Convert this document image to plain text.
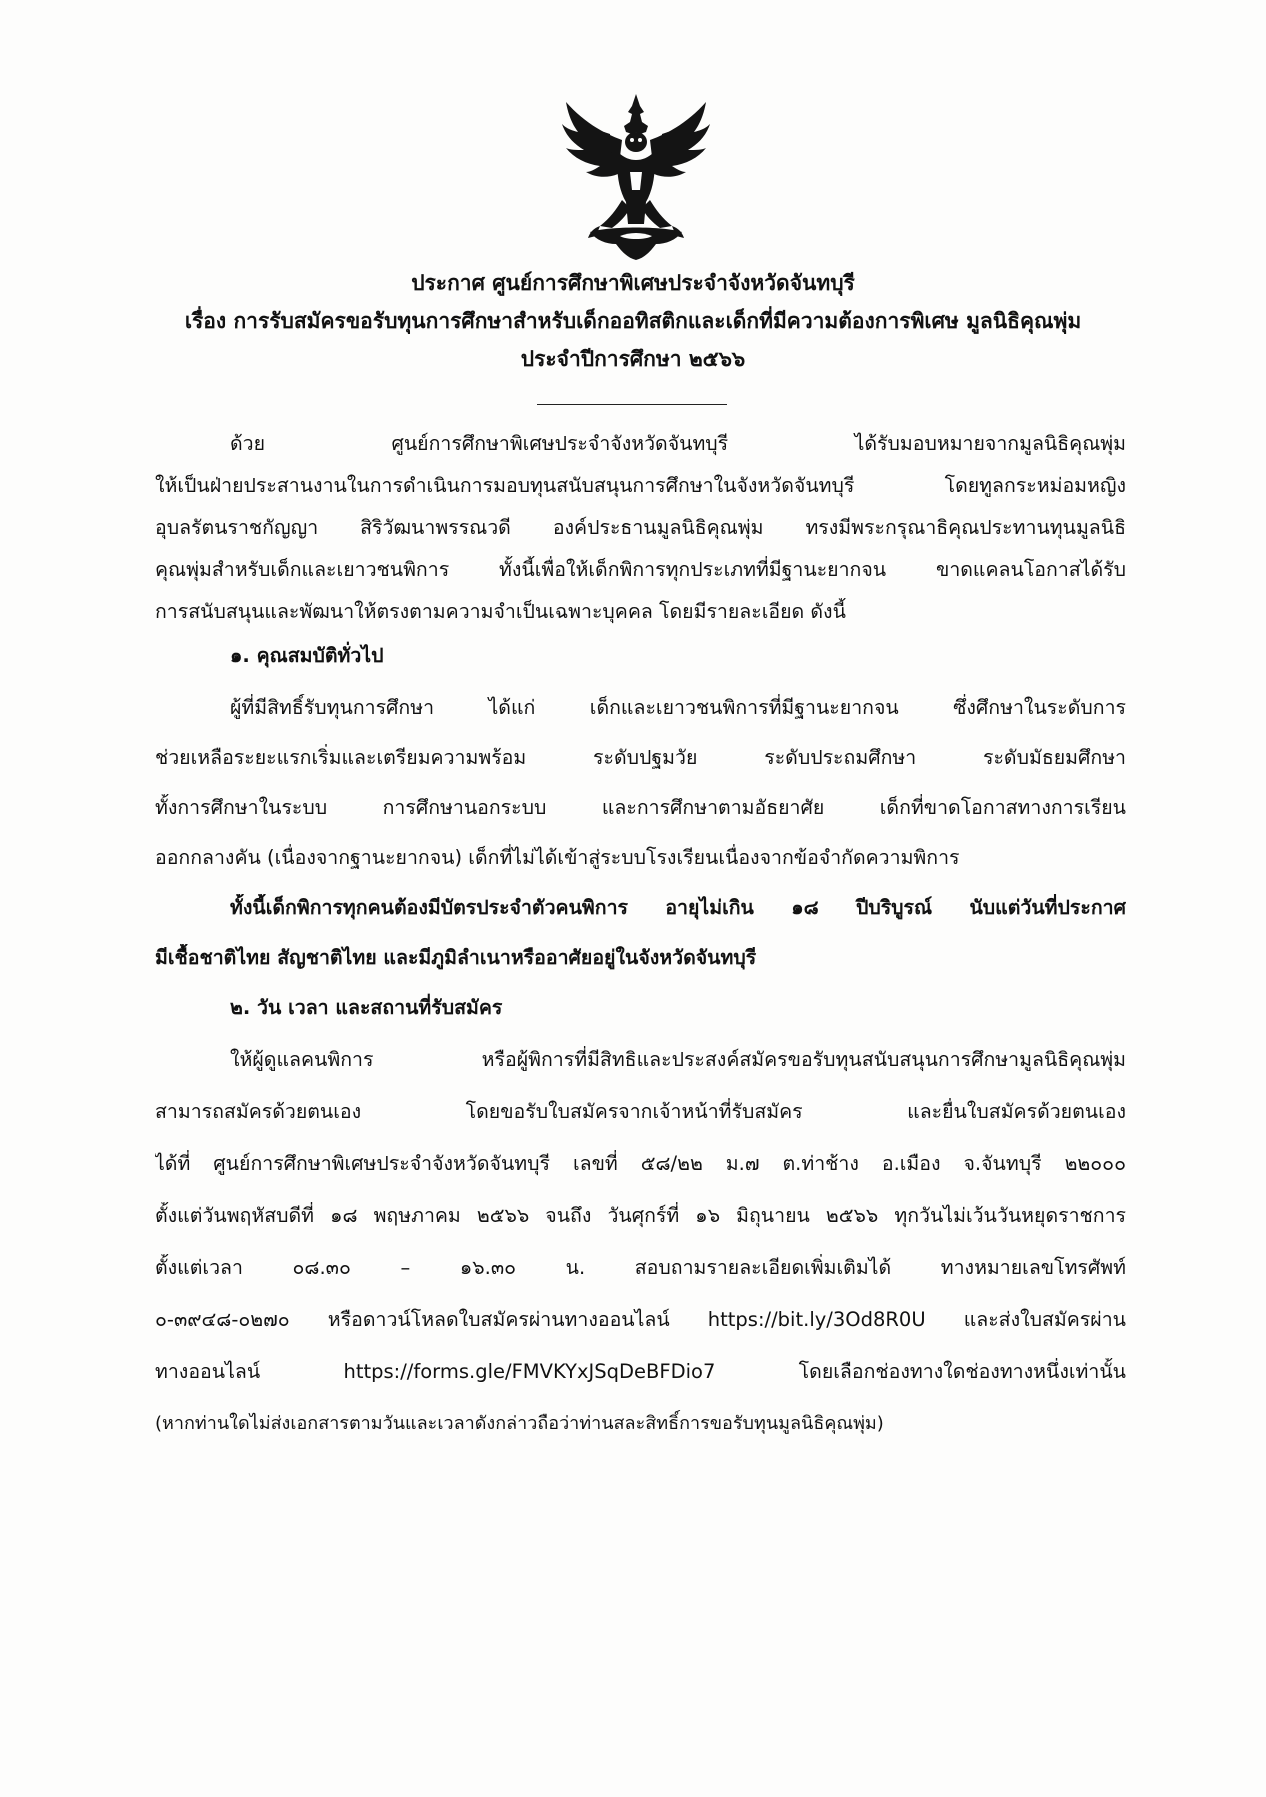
ประกาศ ศูนย์การศึกษาพิเศษประจำจังหวัดจันทบุรี
เรื่อง การรับสมัครขอรับทุนการศึกษาสำหรับเด็กออทิสติกและเด็กที่มีความต้องการพิเศษ มูลนิธิคุณพุ่ม
ประจำปีการศึกษา ๒๕๖๖
ด้วย ศูนย์การศึกษาพิเศษประจำจังหวัดจันทบุรี ได้รับมอบหมายจากมูลนิธิคุณพุ่ม
ให้เป็นฝ่ายประสานงานในการดำเนินการมอบทุนสนับสนุนการศึกษาในจังหวัดจันทบุรี โดยทูลกระหม่อมหญิง
อุบลรัตนราชกัญญา สิริวัฒนาพรรณวดี องค์ประธานมูลนิธิคุณพุ่ม ทรงมีพระกรุณาธิคุณประทานทุนมูลนิธิ
คุณพุ่มสำหรับเด็กและเยาวชนพิการ ทั้งนี้เพื่อให้เด็กพิการทุกประเภทที่มีฐานะยากจน ขาดแคลนโอกาสได้รับ
การสนับสนุนและพัฒนาให้ตรงตามความจำเป็นเฉพาะบุคคล โดยมีรายละเอียด ดังนี้
๑. คุณสมบัติทั่วไป
ผู้ที่มีสิทธิ์รับทุนการศึกษา ได้แก่ เด็กและเยาวชนพิการที่มีฐานะยากจน ซึ่งศึกษาในระดับการ
ช่วยเหลือระยะแรกเริ่มและเตรียมความพร้อม ระดับปฐมวัย ระดับประถมศึกษา ระดับมัธยมศึกษา
ทั้งการศึกษาในระบบ การศึกษานอกระบบ และการศึกษาตามอัธยาศัย เด็กที่ขาดโอกาสทางการเรียน
ออกกลางคัน (เนื่องจากฐานะยากจน) เด็กที่ไม่ได้เข้าสู่ระบบโรงเรียนเนื่องจากข้อจำกัดความพิการ
ทั้งนี้เด็กพิการทุกคนต้องมีบัตรประจำตัวคนพิการ อายุไม่เกิน ๑๘ ปีบริบูรณ์ นับแต่วันที่ประกาศ
มีเชื้อชาติไทย สัญชาติไทย และมีภูมิลำเนาหรืออาศัยอยู่ในจังหวัดจันทบุรี
๒. วัน เวลา และสถานที่รับสมัคร
ให้ผู้ดูแลคนพิการ หรือผู้พิการที่มีสิทธิและประสงค์สมัครขอรับทุนสนับสนุนการศึกษามูลนิธิคุณพุ่ม
สามารถสมัครด้วยตนเอง โดยขอรับใบสมัครจากเจ้าหน้าที่รับสมัคร และยื่นใบสมัครด้วยตนเอง
ได้ที่ ศูนย์การศึกษาพิเศษประจำจังหวัดจันทบุรี เลขที่ ๕๘/๒๒ ม.๗ ต.ท่าช้าง อ.เมือง จ.จันทบุรี ๒๒๐๐๐
ตั้งแต่วันพฤหัสบดีที่ ๑๘ พฤษภาคม ๒๕๖๖ จนถึง วันศุกร์ที่ ๑๖ มิถุนายน ๒๕๖๖ ทุกวันไม่เว้นวันหยุดราชการ
ตั้งแต่เวลา ๐๘.๓๐ – ๑๖.๓๐ น. สอบถามรายละเอียดเพิ่มเติมได้ ทางหมายเลขโทรศัพท์
๐-๓๙๔๘-๐๒๗๐ หรือดาวน์โหลดใบสมัครผ่านทางออนไลน์ https://bit.ly/3Od8R0U และส่งใบสมัครผ่าน
ทางออนไลน์ https://forms.gle/FMVKYxJSqDeBFDio7 โดยเลือกช่องทางใดช่องทางหนึ่งเท่านั้น
(หากท่านใดไม่ส่งเอกสารตามวันและเวลาดังกล่าวถือว่าท่านสละสิทธิ์การขอรับทุนมูลนิธิคุณพุ่ม)
